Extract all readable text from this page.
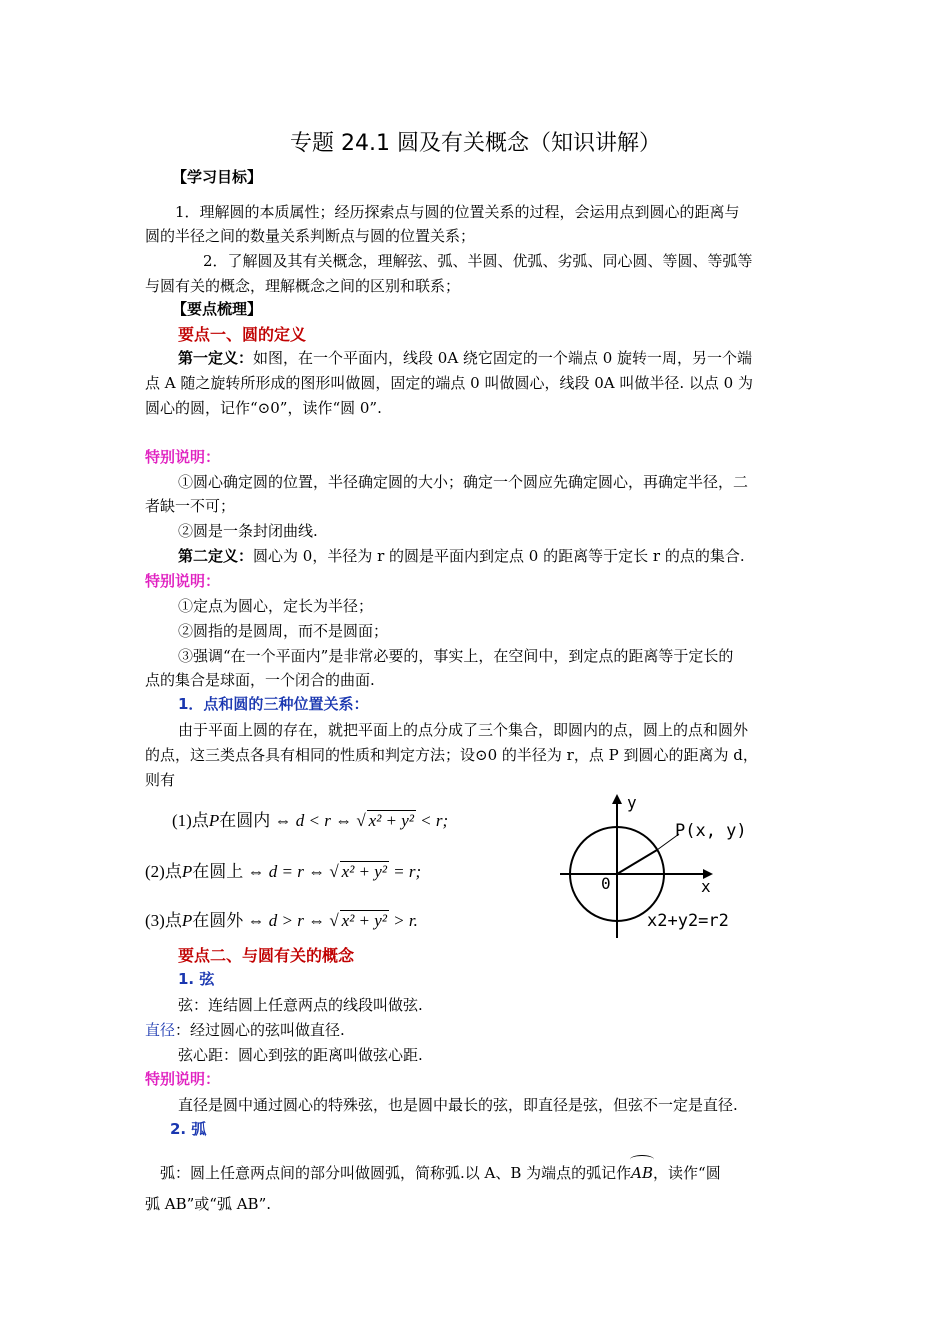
专题 24.1 圆及有关概念（知识讲解）
【学习目标】
1．理解圆的本质属性；经历探索点与圆的位置关系的过程，会运用点到圆心的距离与
圆的半径之间的数量关系判断点与圆的位置关系；
2．了解圆及其有关概念，理解弦、弧、半圆、优弧、劣弧、同心圆、等圆、等弧等
与圆有关的概念，理解概念之间的区别和联系；
【要点梳理】
要点一、圆的定义
第一定义：如图，在一个平面内，线段 0A 绕它固定的一个端点 0 旋转一周，另一个端
点 A 随之旋转所形成的图形叫做圆，固定的端点 0 叫做圆心，线段 0A 叫做半径. 以点 0 为
圆心的圆，记作“⊙0”，读作“圆 0”.
特别说明：
①圆心确定圆的位置，半径确定圆的大小；确定一个圆应先确定圆心，再确定半径，二
者缺一不可；
②圆是一条封闭曲线.
第二定义：圆心为 0，半径为 r 的圆是平面内到定点 0 的距离等于定长 r 的点的集合.
特别说明：
①定点为圆心，定长为半径；
②圆指的是圆周，而不是圆面；
③强调“在一个平面内”是非常必要的，事实上，在空间中，到定点的距离等于定长的
点的集合是球面，一个闭合的曲面.
1．点和圆的三种位置关系：
由于平面上圆的存在，就把平面上的点分成了三个集合，即圆内的点，圆上的点和圆外
的点，这三类点各具有相同的性质和判定方法；设⊙0 的半径为 r，点 P 到圆心的距离为 d，
则有
(1)点P在圆内 ⇔ d < r ⇔ √ x² + y² < r;
(2)点P在圆上 ⇔ d = r ⇔ √ x² + y² = r;
(3)点P在圆外 ⇔ d > r ⇔ √ x² + y² > r.
y
x
0
P(x, y)
x2+y2=r2
要点二、与圆有关的概念
1. 弦
弦：连结圆上任意两点的线段叫做弦.
直径：经过圆心的弦叫做直径.
弦心距：圆心到弦的距离叫做弦心距.
特别说明：
直径是圆中通过圆心的特殊弦，也是圆中最长的弦，即直径是弦，但弦不一定是直径.
2. 弧
弧：圆上任意两点间的部分叫做圆弧，简称弧.以 A、B 为端点的弧记作AB，读作“圆
弧 AB”或“弧 AB”.
